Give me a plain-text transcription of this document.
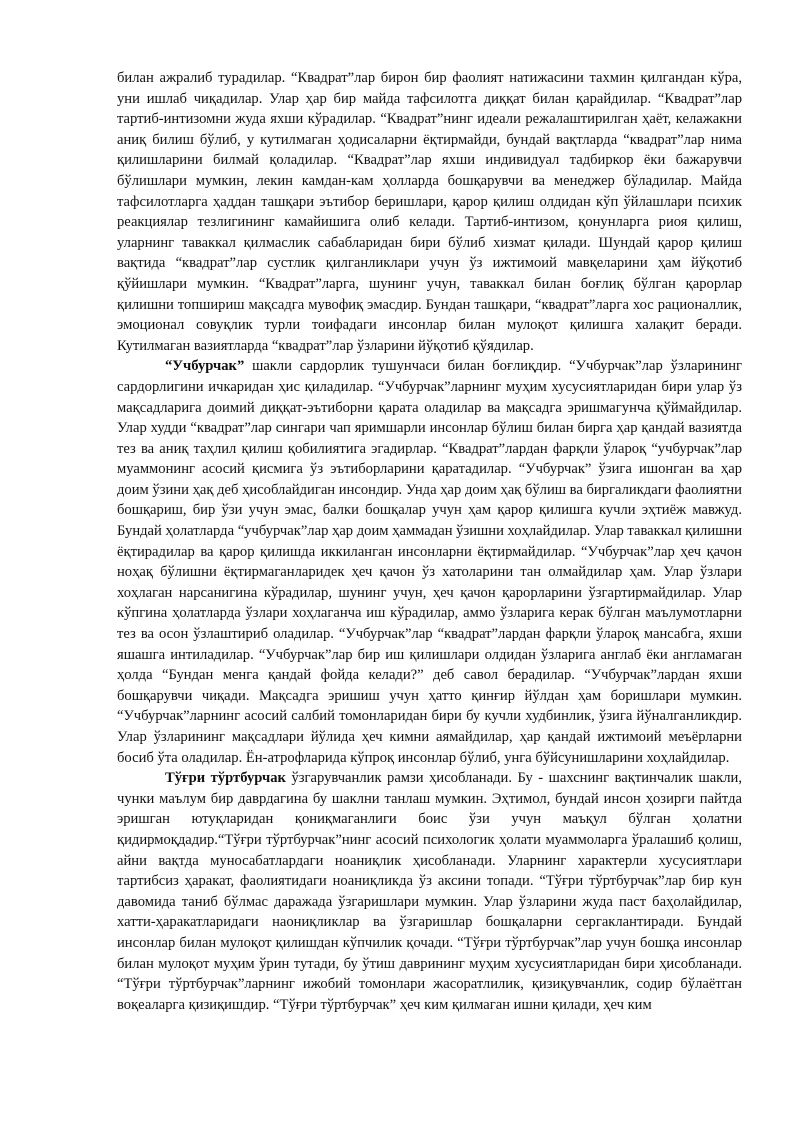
билан ажралиб турадилар. “Квадрат”лар бирон бир фаолият натижасини тахмин қилгандан кўра, уни ишлаб чиқадилар. Улар ҳар бир майда тафсилотга диққат билан қарайдилар. “Квадрат”лар тартиб-интизомни жуда яхши кўрадилар. “Квадрат”нинг идеали режалаштирилган ҳаёт, келажакни аниқ билиш бўлиб, у кутилмаган ҳодисаларни ёқтирмайди, бундай вақтларда “квадрат”лар нима қилишларини билмай қоладилар. “Квадрат”лар яхши индивидуал тадбиркор ёки бажарувчи бўлишлари мумкин, лекин камдан-кам ҳолларда бошқарувчи ва менеджер бўладилар. Майда тафсилотларга ҳаддан ташқари эътибор беришлари, қарор қилиш олдидан кўп ўйлашлари психик реакциялар тезлигининг камайишига олиб келади. Тартиб-интизом, қонунларга риоя қилиш, уларнинг таваккал қилмаслик сабабларидан бири бўлиб хизмат қилади. Шундай қарор қилиш вақтида “квадрат”лар сустлик қилганликлари учун ўз ижтимоий мавқеларини ҳам йўқотиб қўйишлари мумкин. “Квадрат”ларга, шунинг учун, таваккал билан боғлиқ бўлган қарорлар қилишни топшириш мақсадга мувофиқ эмасдир. Бундан ташқари, “квадрат”ларга хос рационаллик, эмоционал совуқлик турли тоифадаги инсонлар билан мулоқот қилишга халақит беради. Кутилмаган вазиятларда “квадрат”лар ўзларини йўқотиб қўядилар.

“Учбурчак” шакли сардорлик тушунчаси билан боғлиқдир. “Учбурчак”лар ўзларининг сардорлигини ичкаридан ҳис қиладилар. “Учбурчак”ларнинг муҳим хусусиятларидан бири улар ўз мақсадларига доимий диққат-эътиборни қарата оладилар ва мақсадга эришмагунча қўймайдилар. Улар худди “квадрат”лар сингари чап яримшарли инсонлар бўлиш билан бирга ҳар қандай вазиятда тез ва аниқ таҳлил қилиш қобилиятига эгадирлар. “Квадрат”лардан фарқли ўлароқ “учбурчак”лар муаммонинг асосий қисмига ўз эътиборларини қаратадилар. “Учбурчак” ўзига ишонган ва ҳар доим ўзини ҳақ деб ҳисоблайдиган инсондир. Унда ҳар доим ҳақ бўлиш ва биргаликдаги фаолиятни бошқариш, бир ўзи учун эмас, балки бошқалар учун ҳам қарор қилишга кучли эҳтиёж мавжуд. Бундай ҳолатларда “учбурчак”лар ҳар доим ҳаммадан ўзишни хоҳлайдилар. Улар таваккал қилишни ёқтирадилар ва қарор қилишда иккиланган инсонларни ёқтирмайдилар. “Учбурчак”лар ҳеч қачон ноҳақ бўлишни ёқтирмаганларидек ҳеч қачон ўз хатоларини тан олмайдилар ҳам. Улар ўзлари хоҳлаган нарсанигина кўрадилар, шунинг учун, ҳеч қачон қарорларини ўзгартирмайдилар. Улар кўпгина ҳолатларда ўзлари хоҳлаганча иш кўрадилар, аммо ўзларига керак бўлган маълумотларни тез ва осон ўзлаштириб оладилар. “Учбурчак”лар “квадрат”лардан фарқли ўлароқ мансабга, яхши яшашга интиладилар. “Учбурчак”лар бир иш қилишлари олдидан ўзларига англаб ёки англамаган ҳолда “Бундан менга қандай фойда келади?” деб савол берадилар. “Учбурчак”лардан яхши бошқарувчи чиқади. Мақсадга эришиш учун ҳатто қинғир йўлдан ҳам боришлари мумкин. “Учбурчак”ларнинг асосий салбий томонларидан бири бу кучли худбинлик, ўзига йўналганликдир. Улар ўзларининг мақсадлари йўлида ҳеч кимни аямайдилар, ҳар қандай ижтимоий меъёрларни босиб ўта оладилар. Ён-атрофларида кўпроқ инсонлар бўлиб, унга бўйсунишларини хоҳлайдилар.

Тўғри тўртбурчак ўзгарувчанлик рамзи ҳисобланади. Бу - шахснинг вақтинчалик шакли, чунки маълум бир даврдагина бу шаклни танлаш мумкин. Эҳтимол, бундай инсон ҳозирги пайтда эришган ютуқларидан қониқмаганлиги боис ўзи учун маъқул бўлган ҳолатни қидирмоқдадир.“Тўғри тўртбурчак”нинг асосий психологик ҳолати муаммоларга ўралашиб қолиш, айни вақтда муносабатлардаги ноаниқлик ҳисобланади. Уларнинг характерли хусусиятлари тартибсиз ҳаракат, фаолиятидаги ноаниқликда ўз аксини топади. “Тўғри тўртбурчак”лар бир кун давомида таниб бўлмас даражада ўзгаришлари мумкин. Улар ўзларини жуда паст баҳолайдилар, хатти-ҳаракатларидаги наониқликлар ва ўзгаришлар бошқаларни сергаклантиради. Бундай инсонлар билан мулоқот қилишдан кўпчилик қочади. “Тўғри тўртбурчак”лар учун бошқа инсонлар билан мулоқот муҳим ўрин тутади, бу ўтиш даврининг муҳим хусусиятларидан бири ҳисобланади. “Тўғри тўртбурчак”ларнинг ижобий томонлари жасоратлилик, қизиқувчанлик, содир бўлаётган воқеаларга қизиқишдир. “Тўғри тўртбурчак” ҳеч ким қилмаган ишни қилади, ҳеч ким
